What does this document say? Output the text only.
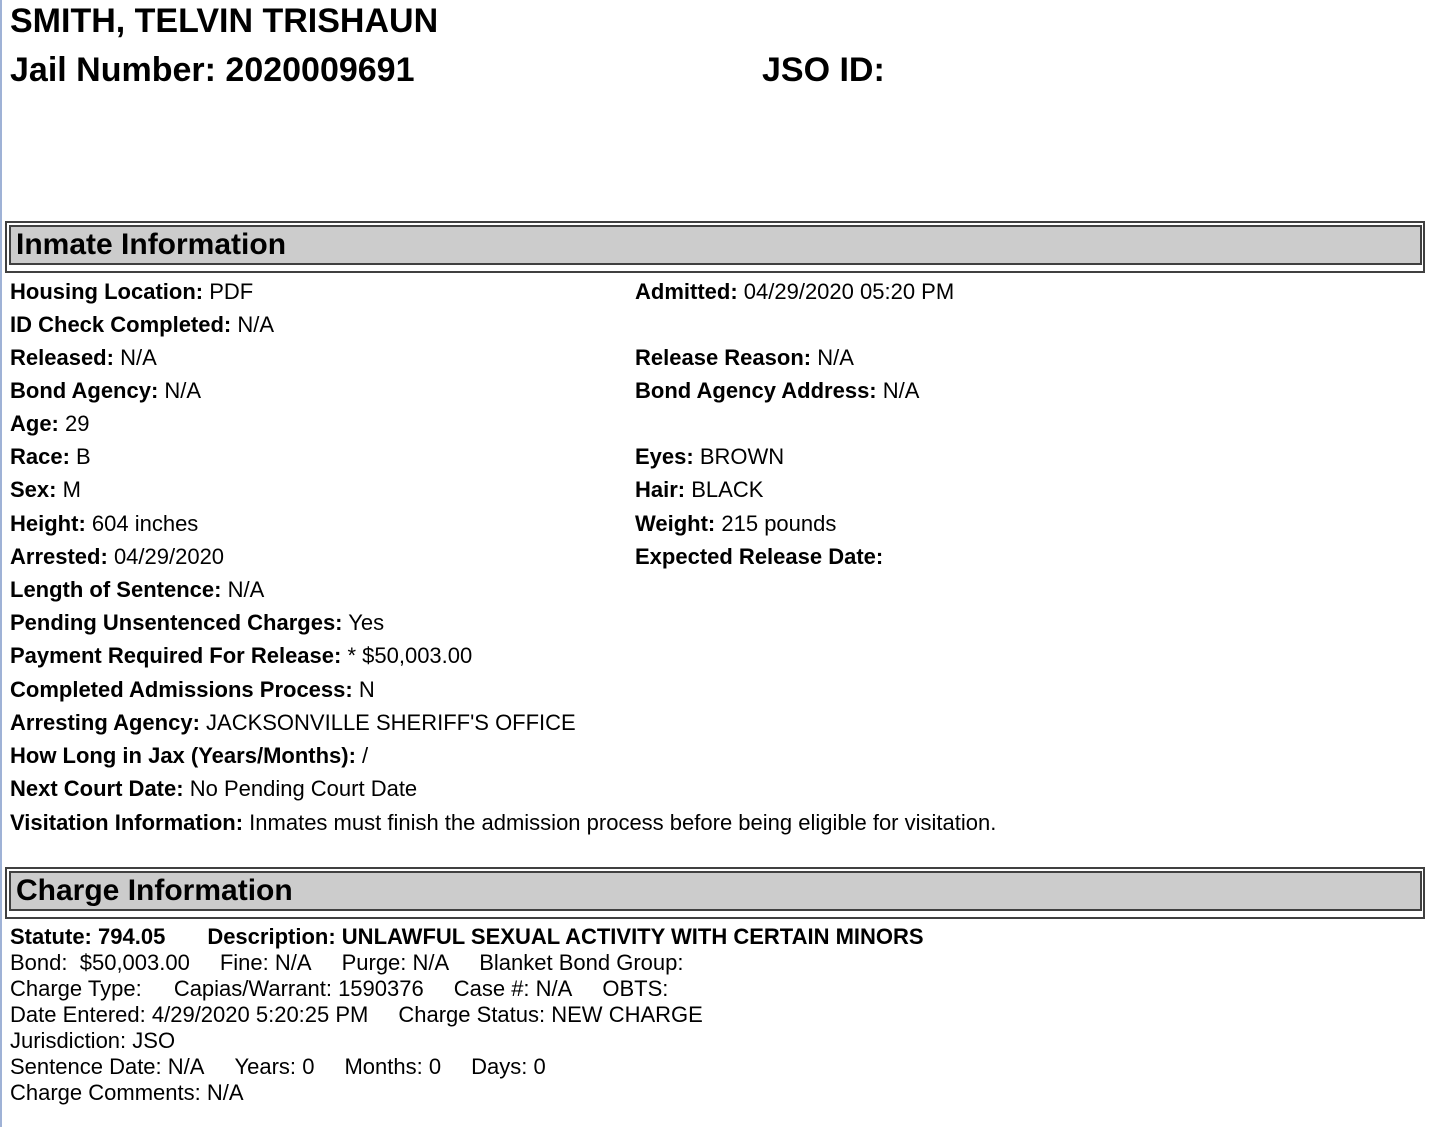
SMITH, TELVIN TRISHAUN
Jail Number: 2020009691	JSO ID:
Inmate Information
Housing Location: PDF	Admitted: 04/29/2020 05:20 PM
ID Check Completed: N/A
Released: N/A	Release Reason: N/A
Bond Agency: N/A	Bond Agency Address: N/A
Age: 29
Race: B	Eyes: BROWN
Sex: M	Hair: BLACK
Height: 604 inches	Weight: 215 pounds
Arrested: 04/29/2020	Expected Release Date:
Length of Sentence: N/A
Pending Unsentenced Charges: Yes
Payment Required For Release: * $50,003.00
Completed Admissions Process: N
Arresting Agency: JACKSONVILLE SHERIFF'S OFFICE
How Long in Jax (Years/Months): /
Next Court Date: No Pending Court Date
Visitation Information: Inmates must finish the admission process before being eligible for visitation.
Charge Information
Statute: 794.05 Description: UNLAWFUL SEXUAL ACTIVITY WITH CERTAIN MINORS
Bond: $50,003.00 Fine: N/A Purge: N/A Blanket Bond Group:
Charge Type: Capias/Warrant: 1590376 Case #: N/A OBTS:
Date Entered: 4/29/2020 5:20:25 PM Charge Status: NEW CHARGE
Jurisdiction: JSO
Sentence Date: N/A Years: 0 Months: 0 Days: 0
Charge Comments: N/A
